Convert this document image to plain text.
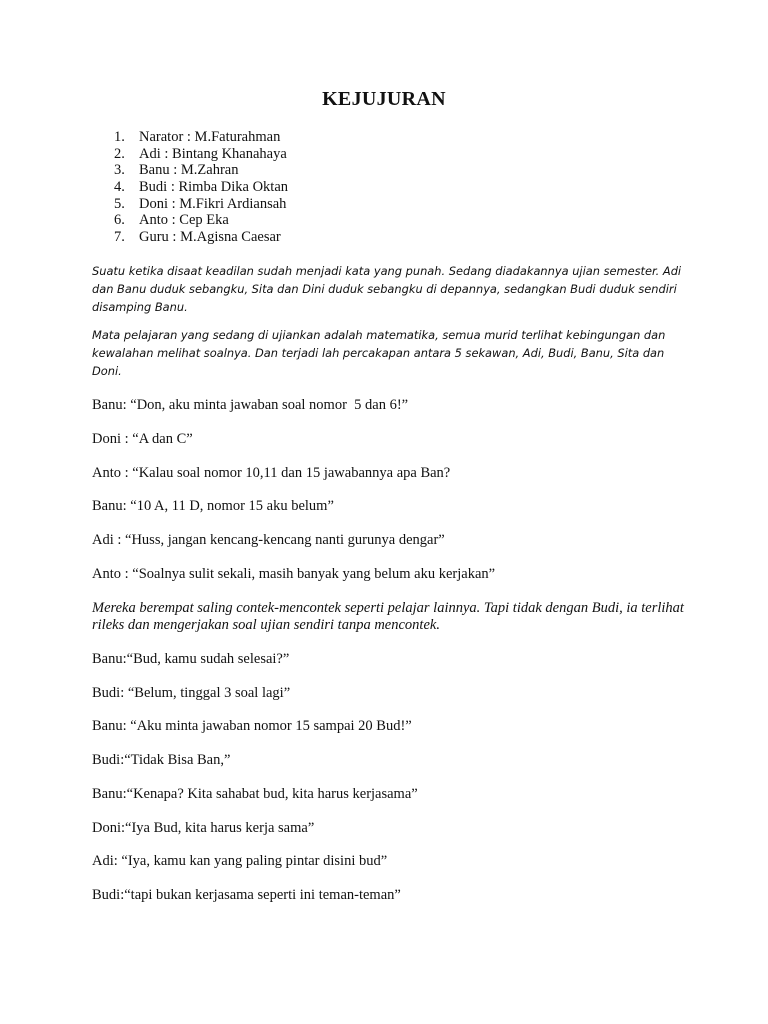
KEJUJURAN
1. Narator : M.Faturahman
2. Adi : Bintang Khanahaya
3. Banu : M.Zahran
4. Budi : Rimba Dika Oktan
5. Doni : M.Fikri Ardiansah
6. Anto : Cep Eka
7. Guru : M.Agisna Caesar

Suatu ketika disaat keadilan sudah menjadi kata yang punah. Sedang diadakannya ujian semester. Adi dan Banu duduk sebangku, Sita dan Dini duduk sebangku di depannya, sedangkan Budi duduk sendiri disamping Banu.

Mata pelajaran yang sedang di ujiankan adalah matematika, semua murid terlihat kebingungan dan kewalahan melihat soalnya. Dan terjadi lah percakapan antara 5 sekawan, Adi, Budi, Banu, Sita dan Doni.

Banu: “Don, aku minta jawaban soal nomor  5 dan 6!”

Doni : “A dan C”

Anto : “Kalau soal nomor 10,11 dan 15 jawabannya apa Ban?

Banu: “10 A, 11 D, nomor 15 aku belum”

Adi : “Huss, jangan kencang-kencang nanti gurunya dengar”

Anto : “Soalnya sulit sekali, masih banyak yang belum aku kerjakan”

Mereka berempat saling contek-mencontek seperti pelajar lainnya. Tapi tidak dengan Budi, ia terlihat rileks dan mengerjakan soal ujian sendiri tanpa mencontek.

Banu:“Bud, kamu sudah selesai?”

Budi: “Belum, tinggal 3 soal lagi”

Banu: “Aku minta jawaban nomor 15 sampai 20 Bud!”

Budi:“Tidak Bisa Ban,”

Banu:“Kenapa? Kita sahabat bud, kita harus kerjasama”

Doni:“Iya Bud, kita harus kerja sama”

Adi: “Iya, kamu kan yang paling pintar disini bud”

Budi:“tapi bukan kerjasama seperti ini teman-teman”
